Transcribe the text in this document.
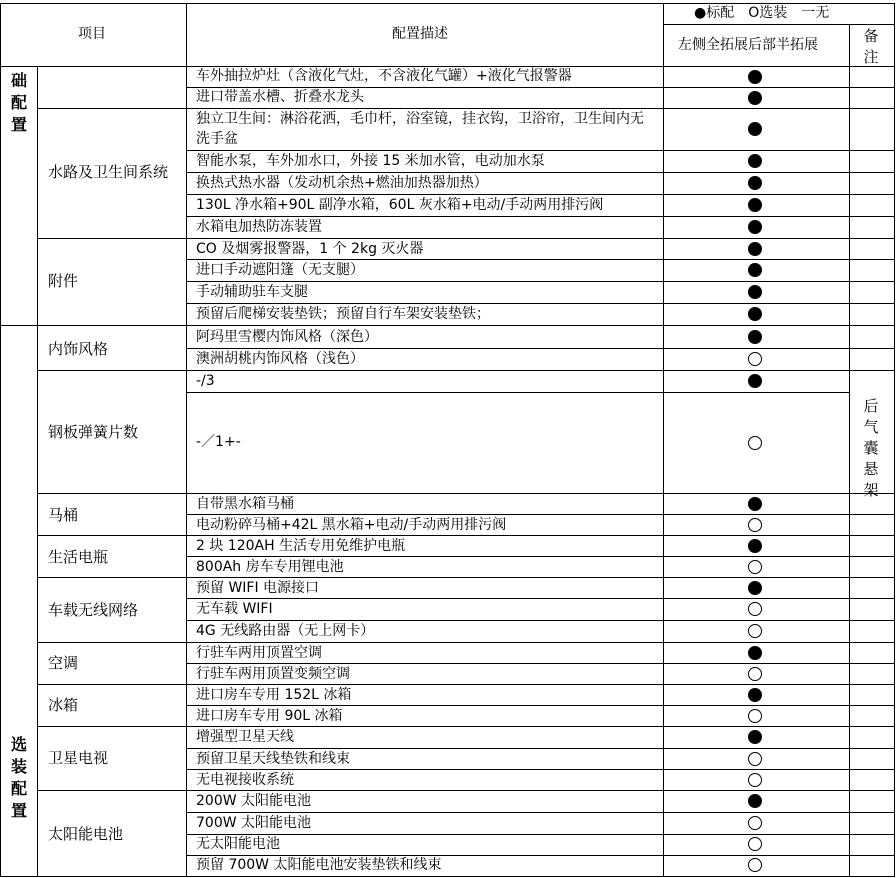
项目	配置描述
●标配　O选装　一无
左侧全拓展后部半拓展	备注
础配置
选装配置
水路及卫生间系统
附件
内饰风格
钢板弹簧片数
马桶
生活电瓶
车载无线网络
空调
冰箱
卫星电视
太阳能电池
后气囊悬架
车外抽拉炉灶（含液化气灶，不含液化气罐）+液化气报警器
进口带盖水槽、折叠水龙头
独立卫生间：淋浴花洒，毛巾杆，浴室镜，挂衣钩，卫浴帘，卫生间内无
洗手盆
智能水泵，车外加水口，外接 15 米加水管，电动加水泵
换热式热水器（发动机余热+燃油加热器加热）
130L 净水箱+90L 副净水箱，60L 灰水箱+电动/手动两用排污阀
水箱电加热防冻装置
CO 及烟雾报警器，1 个 2kg 灭火器
进口手动遮阳篷（无支腿）
手动辅助驻车支腿
预留后爬梯安装垫铁；预留自行车架安装垫铁；
阿玛里雪樱内饰风格（深色）
澳洲胡桃内饰风格（浅色）
-/3
-／1+-
自带黑水箱马桶
电动粉碎马桶+42L 黑水箱+电动/手动两用排污阀
2 块 120AH 生活专用免维护电瓶
800Ah 房车专用锂电池
预留 WIFI 电源接口
无车载 WIFI
4G 无线路由器（无上网卡）
行驻车两用顶置空调
行驻车两用顶置变频空调
进口房车专用 152L 冰箱
进口房车专用 90L 冰箱
增强型卫星天线
预留卫星天线垫铁和线束
无电视接收系统
200W 太阳能电池
700W 太阳能电池
无太阳能电池
预留 700W 太阳能电池安装垫铁和线束
